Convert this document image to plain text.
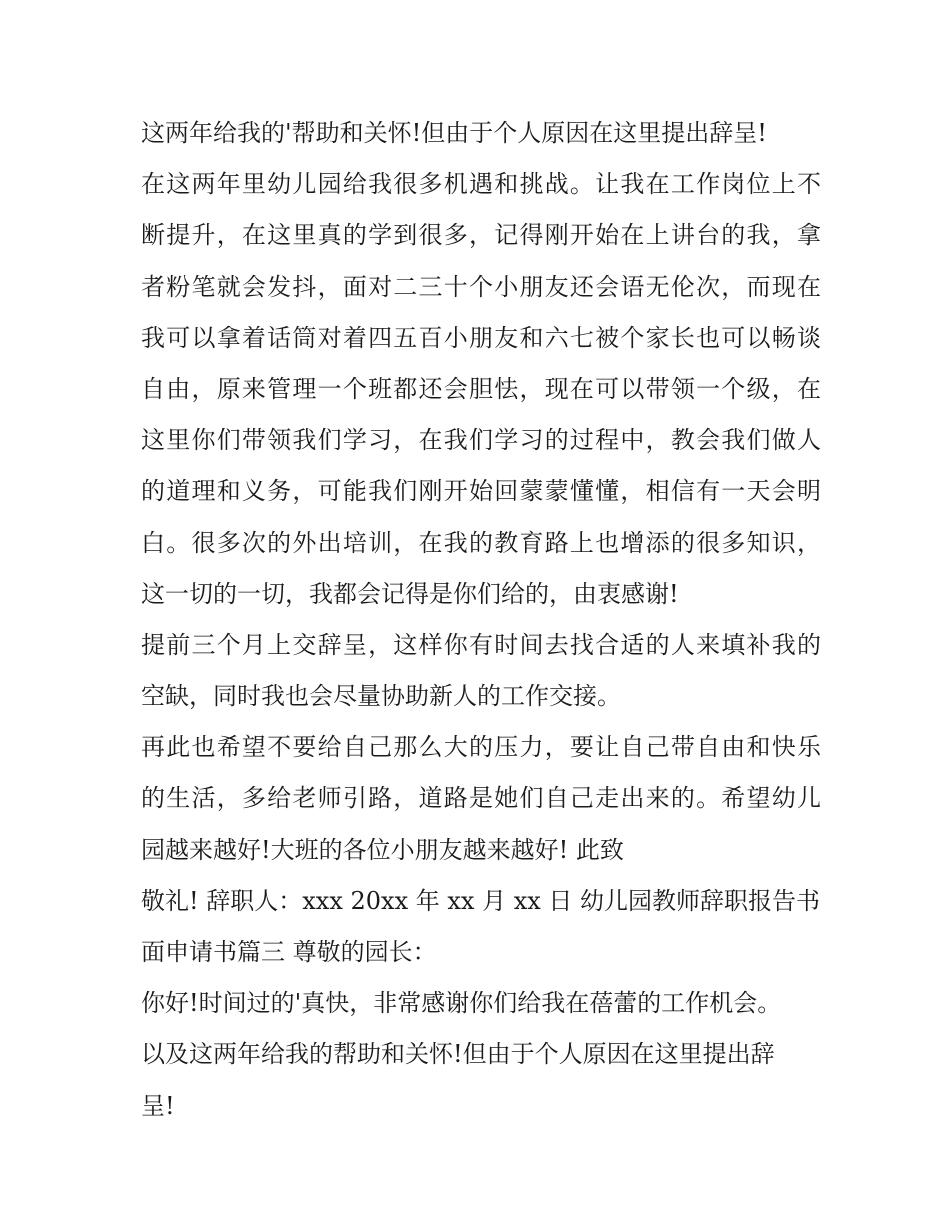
这两年给我的'帮助和关怀!但由于个人原因在这里提出辞呈!
在这两年里幼儿园给我很多机遇和挑战。让我在工作岗位上不
断提升，在这里真的学到很多，记得刚开始在上讲台的我，拿
者粉笔就会发抖，面对二三十个小朋友还会语无伦次，而现在
我可以拿着话筒对着四五百小朋友和六七被个家长也可以畅谈
自由，原来管理一个班都还会胆怯，现在可以带领一个级，在
这里你们带领我们学习，在我们学习的过程中，教会我们做人
的道理和义务，可能我们刚开始回蒙蒙懂懂，相信有一天会明
白。很多次的外出培训，在我的教育路上也增添的很多知识，
这一切的一切，我都会记得是你们给的，由衷感谢!
提前三个月上交辞呈，这样你有时间去找合适的人来填补我的
空缺，同时我也会尽量协助新人的工作交接。
再此也希望不要给自己那么大的压力，要让自己带自由和快乐
的生活，多给老师引路，道路是她们自己走出来的。希望幼儿
园越来越好!大班的各位小朋友越来越好! 此致
敬礼! 辞职人：xxx 20xx 年 xx 月 xx 日 幼儿园教师辞职报告书
面申请书篇三 尊敬的园长：
你好!时间过的'真快，非常感谢你们给我在蓓蕾的工作机会。
以及这两年给我的帮助和关怀!但由于个人原因在这里提出辞
呈!
